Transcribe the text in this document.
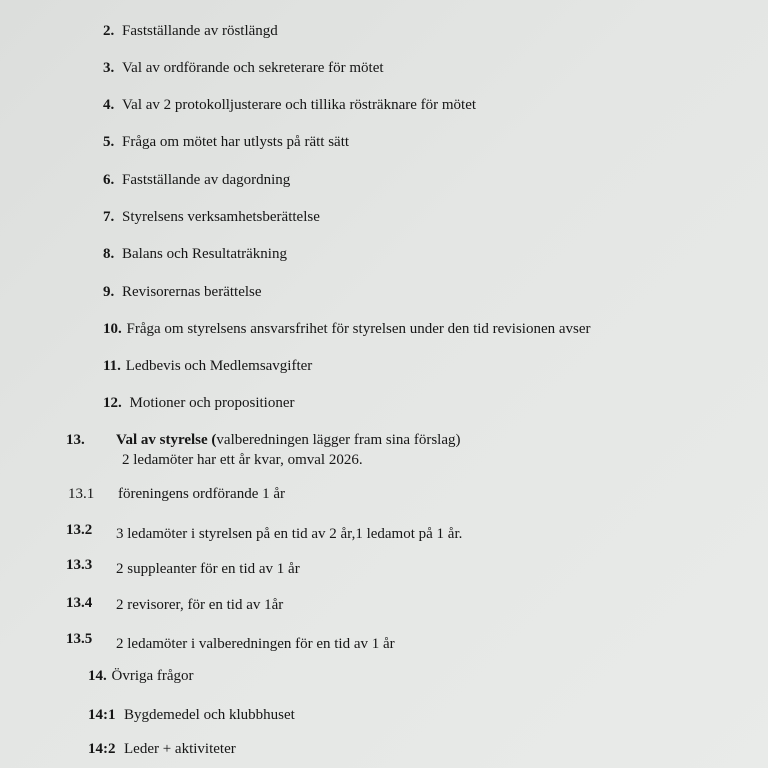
2. Fastställande av röstlängd
3. Val av ordförande och sekreterare för mötet
4. Val av 2 protokolljusterare och tillika rösträknare för mötet
5. Fråga om mötet har utlysts på rätt sätt
6. Fastställande av dagordning
7. Styrelsens verksamhetsberättelse
8. Balans och Resultaträkning
9. Revisorernas berättelse
10. Fråga om styrelsens ansvarsfrihet för styrelsen under den tid revisionen avser
11. Ledbevis och Medlemsavgifter
12. Motioner och propositioner
13. Val av styrelse (valberedningen lägger fram sina förslag)
2 ledamöter har ett år kvar, omval 2026.
13.1 föreningens ordförande 1 år
13.2 3 ledamöter i styrelsen på en tid av 2 år,1 ledamot på 1 år.
13.3 2 suppleanter för en tid av 1 år
13.4 2 revisorer, för en tid av 1år
13.5 2 ledamöter i valberedningen för en tid av 1 år
14. Övriga frågor
14:1 Bygdemedel och klubbhuset
14:2 Leder + aktiviteter
